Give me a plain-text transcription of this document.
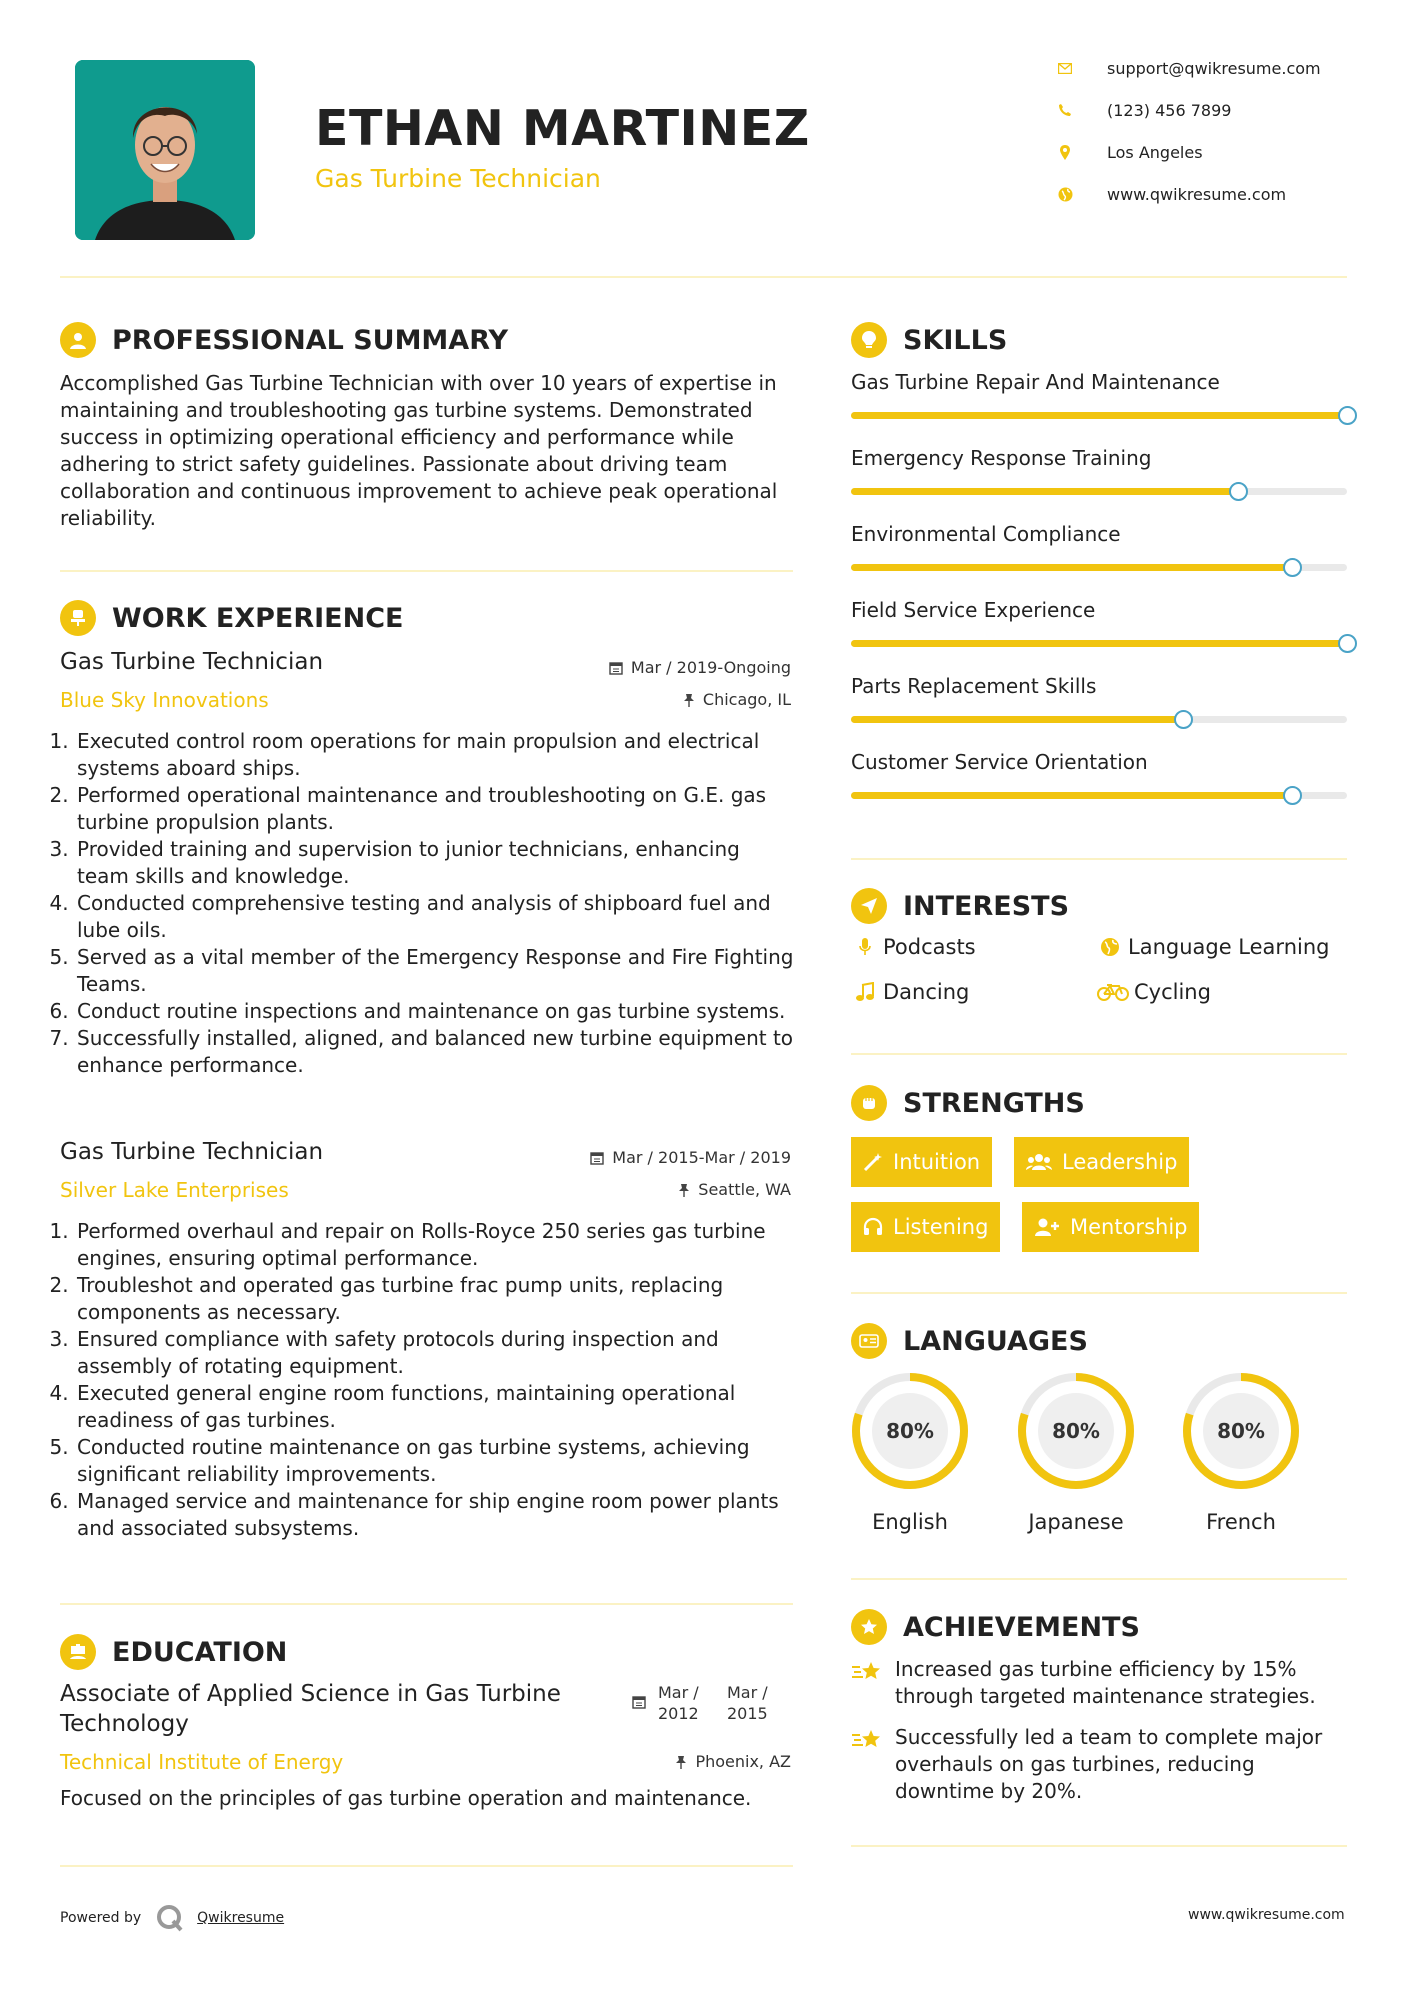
ETHAN MARTINEZ
Gas Turbine Technician
support@qwikresume.com
(123) 456 7899
Los Angeles
www.qwikresume.com
PROFESSIONAL SUMMARY
Accomplished Gas Turbine Technician with over 10 years of expertise in maintaining and troubleshooting gas turbine systems. Demonstrated success in optimizing operational efficiency and performance while adhering to strict safety guidelines. Passionate about driving team collaboration and continuous improvement to achieve peak operational reliability.
WORK EXPERIENCE
Gas Turbine Technician	Mar / 2019-Ongoing
Blue Sky Innovations	Chicago, IL
1. Executed control room operations for main propulsion and electrical systems aboard ships.
2. Performed operational maintenance and troubleshooting on G.E. gas turbine propulsion plants.
3. Provided training and supervision to junior technicians, enhancing team skills and knowledge.
4. Conducted comprehensive testing and analysis of shipboard fuel and lube oils.
5. Served as a vital member of the Emergency Response and Fire Fighting Teams.
6. Conduct routine inspections and maintenance on gas turbine systems.
7. Successfully installed, aligned, and balanced new turbine equipment to enhance performance.
Gas Turbine Technician	Mar / 2015-Mar / 2019
Silver Lake Enterprises	Seattle, WA
1. Performed overhaul and repair on Rolls-Royce 250 series gas turbine engines, ensuring optimal performance.
2. Troubleshot and operated gas turbine frac pump units, replacing components as necessary.
3. Ensured compliance with safety protocols during inspection and assembly of rotating equipment.
4. Executed general engine room functions, maintaining operational readiness of gas turbines.
5. Conducted routine maintenance on gas turbine systems, achieving significant reliability improvements.
6. Managed service and maintenance for ship engine room power plants and associated subsystems.
EDUCATION
Associate of Applied Science in Gas Turbine Technology
Mar /
2012
Mar /
2015
Technical Institute of Energy	Phoenix, AZ
Focused on the principles of gas turbine operation and maintenance.
SKILLS
Gas Turbine Repair And Maintenance
Emergency Response Training
Environmental Compliance
Field Service Experience
Parts Replacement Skills
Customer Service Orientation
INTERESTS
Podcasts	Language Learning
Dancing	Cycling
STRENGTHS
Intuition	Leadership
Listening	Mentorship
LANGUAGES
80%
English
80%
Japanese
80%
French
ACHIEVEMENTS
Increased gas turbine efficiency by 15% through targeted maintenance strategies.
Successfully led a team to complete major overhauls on gas turbines, reducing downtime by 20%.
Powered by	Qwikresume	www.qwikresume.com
